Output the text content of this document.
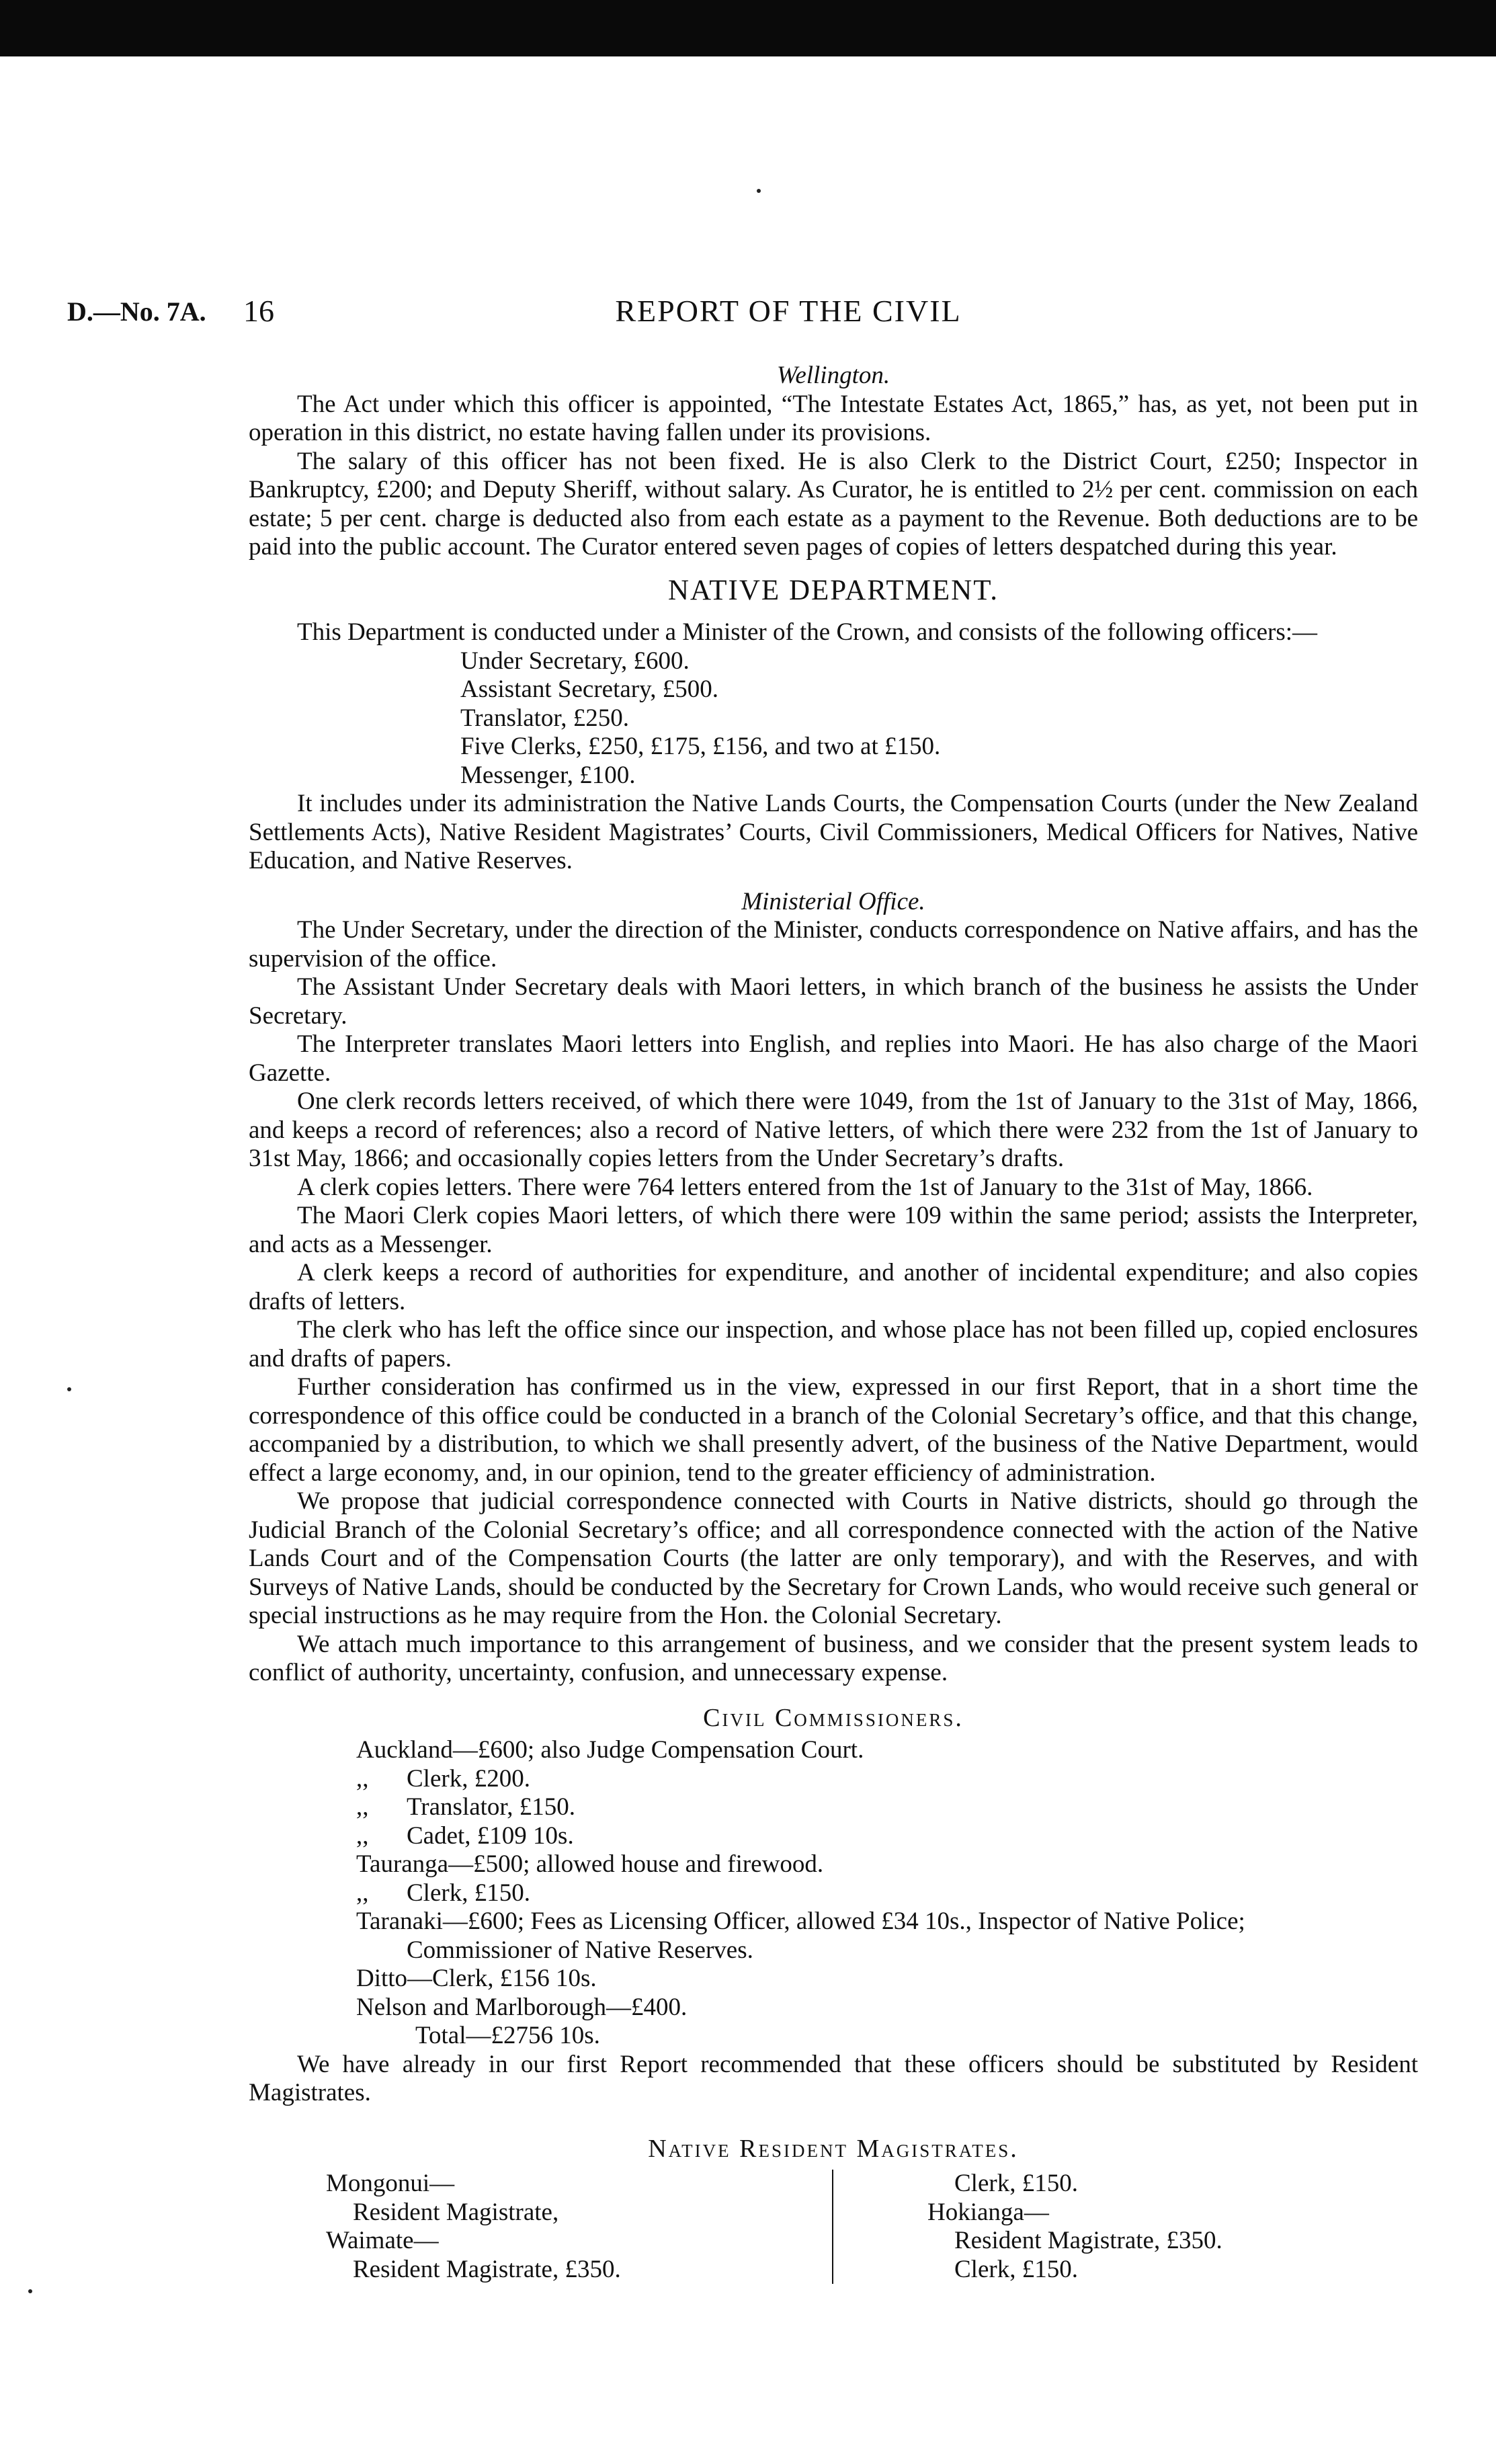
D.—No. 7A. 16	REPORT OF THE CIVIL

Wellington.

The Act under which this officer is appointed, “The Intestate Estates Act, 1865,” has, as yet, not been put in operation in this district, no estate having fallen under its provisions.

The salary of this officer has not been fixed. He is also Clerk to the District Court, £250; Inspector in Bankruptcy, £200; and Deputy Sheriff, without salary. As Curator, he is entitled to 2½ per cent. commission on each estate; 5 per cent. charge is deducted also from each estate as a payment to the Revenue. Both deductions are to be paid into the public account. The Curator entered seven pages of copies of letters despatched during this year.

NATIVE DEPARTMENT.

This Department is conducted under a Minister of the Crown, and consists of the following officers:—

Under Secretary, £600.
Assistant Secretary, £500.
Translator, £250.
Five Clerks, £250, £175, £156, and two at £150.
Messenger, £100.

It includes under its administration the Native Lands Courts, the Compensation Courts (under the New Zealand Settlements Acts), Native Resident Magistrates’ Courts, Civil Commissioners, Medical Officers for Natives, Native Education, and Native Reserves.

Ministerial Office.

The Under Secretary, under the direction of the Minister, conducts correspondence on Native affairs, and has the supervision of the office.

The Assistant Under Secretary deals with Maori letters, in which branch of the business he assists the Under Secretary.

The Interpreter translates Maori letters into English, and replies into Maori. He has also charge of the Maori Gazette.

One clerk records letters received, of which there were 1049, from the 1st of January to the 31st of May, 1866, and keeps a record of references; also a record of Native letters, of which there were 232 from the 1st of January to 31st May, 1866; and occasionally copies letters from the Under Secretary’s drafts.

A clerk copies letters. There were 764 letters entered from the 1st of January to the 31st of May, 1866.

The Maori Clerk copies Maori letters, of which there were 109 within the same period; assists the Interpreter, and acts as a Messenger.

A clerk keeps a record of authorities for expenditure, and another of incidental expenditure; and also copies drafts of letters.

The clerk who has left the office since our inspection, and whose place has not been filled up, copied enclosures and drafts of papers.

Further consideration has confirmed us in the view, expressed in our first Report, that in a short time the correspondence of this office could be conducted in a branch of the Colonial Secretary’s office, and that this change, accompanied by a distribution, to which we shall presently advert, of the business of the Native Department, would effect a large economy, and, in our opinion, tend to the greater efficiency of administration.

We propose that judicial correspondence connected with Courts in Native districts, should go through the Judicial Branch of the Colonial Secretary’s office; and all correspondence connected with the action of the Native Lands Court and of the Compensation Courts (the latter are only temporary), and with the Reserves, and with Surveys of Native Lands, should be conducted by the Secretary for Crown Lands, who would receive such general or special instructions as he may require from the Hon. the Colonial Secretary.

We attach much importance to this arrangement of business, and we consider that the present system leads to conflict of authority, uncertainty, confusion, and unnecessary expense.

Civil Commissioners.
Auckland—£600; also Judge Compensation Court.
,, Clerk, £200.
,, Translator, £150.
,, Cadet, £109 10s.
Tauranga—£500; allowed house and firewood.
,, Clerk, £150.
Taranaki—£600; Fees as Licensing Officer, allowed £34 10s., Inspector of Native Police;
Commissioner of Native Reserves.
Ditto—Clerk, £156 10s.
Nelson and Marlborough—£400.
Total—£2756 10s.

We have already in our first Report recommended that these officers should be substituted by Resident Magistrates.

Native Resident Magistrates.
Mongonui—
Resident Magistrate,
Waimate—
Resident Magistrate, £350.
Clerk, £150.
Hokianga—
Resident Magistrate, £350.
Clerk, £150.
